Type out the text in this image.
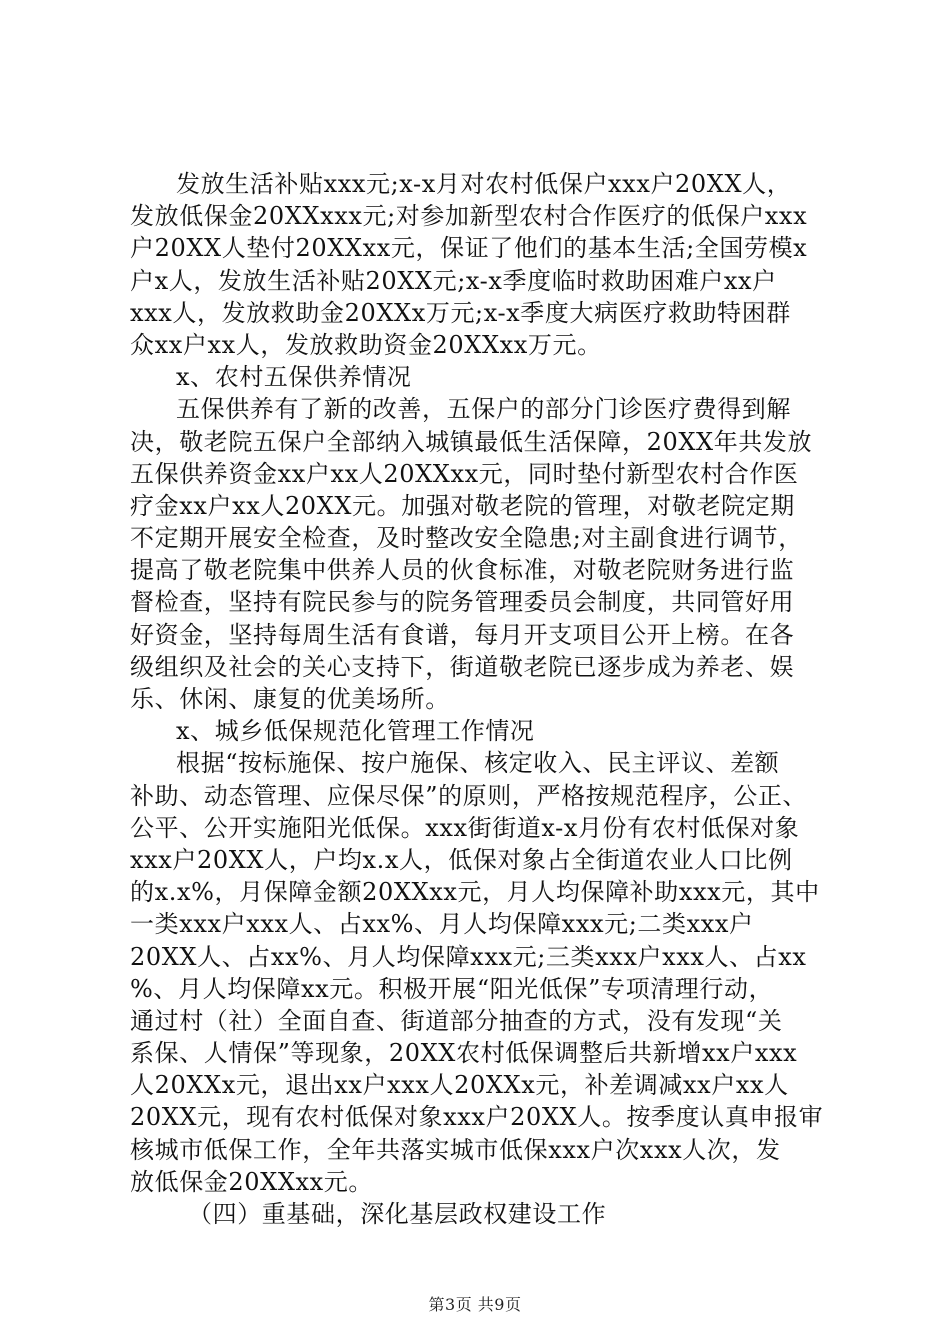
发放生活补贴xxx元;x-x月对农村低保户xxx户20XX人，
发放低保金20XXxxx元;对参加新型农村合作医疗的低保户xxx
户20XX人垫付20XXxx元，保证了他们的基本生活;全国劳模x
户x人，发放生活补贴20XX元;x-x季度临时救助困难户xx户
xxx人，发放救助金20XXx万元;x-x季度大病医疗救助特困群
众xx户xx人，发放救助资金20XXxx万元。
x、农村五保供养情况
五保供养有了新的改善，五保户的部分门诊医疗费得到解
决，敬老院五保户全部纳入城镇最低生活保障，20XX年共发放
五保供养资金xx户xx人20XXxx元，同时垫付新型农村合作医
疗金xx户xx人20XX元。加强对敬老院的管理，对敬老院定期
不定期开展安全检查，及时整改安全隐患;对主副食进行调节，
提高了敬老院集中供养人员的伙食标准，对敬老院财务进行监
督检查，坚持有院民参与的院务管理委员会制度，共同管好用
好资金，坚持每周生活有食谱，每月开支项目公开上榜。在各
级组织及社会的关心支持下，街道敬老院已逐步成为养老、娱
乐、休闲、康复的优美场所。
x、城乡低保规范化管理工作情况
根据“按标施保、按户施保、核定收入、民主评议、差额
补助、动态管理、应保尽保”的原则，严格按规范程序，公正、
公平、公开实施阳光低保。xxx街街道x-x月份有农村低保对象
xxx户20XX人，户均x.x人，低保对象占全街道农业人口比例
的x.x%，月保障金额20XXxx元，月人均保障补助xxx元，其中
一类xxx户xxx人、占xx%、月人均保障xxx元;二类xxx户
20XX人、占xx%、月人均保障xxx元;三类xxx户xxx人、占xx
%、月人均保障xx元。积极开展“阳光低保”专项清理行动，
通过村（社）全面自查、街道部分抽查的方式，没有发现“关
系保、人情保”等现象，20XX农村低保调整后共新增xx户xxx
人20XXx元，退出xx户xxx人20XXx元，补差调减xx户xx人
20XX元，现有农村低保对象xxx户20XX人。按季度认真申报审
核城市低保工作，全年共落实城市低保xxx户次xxx人次，发
放低保金20XXxx元。
（四）重基础，深化基层政权建设工作
第3页 共9页
